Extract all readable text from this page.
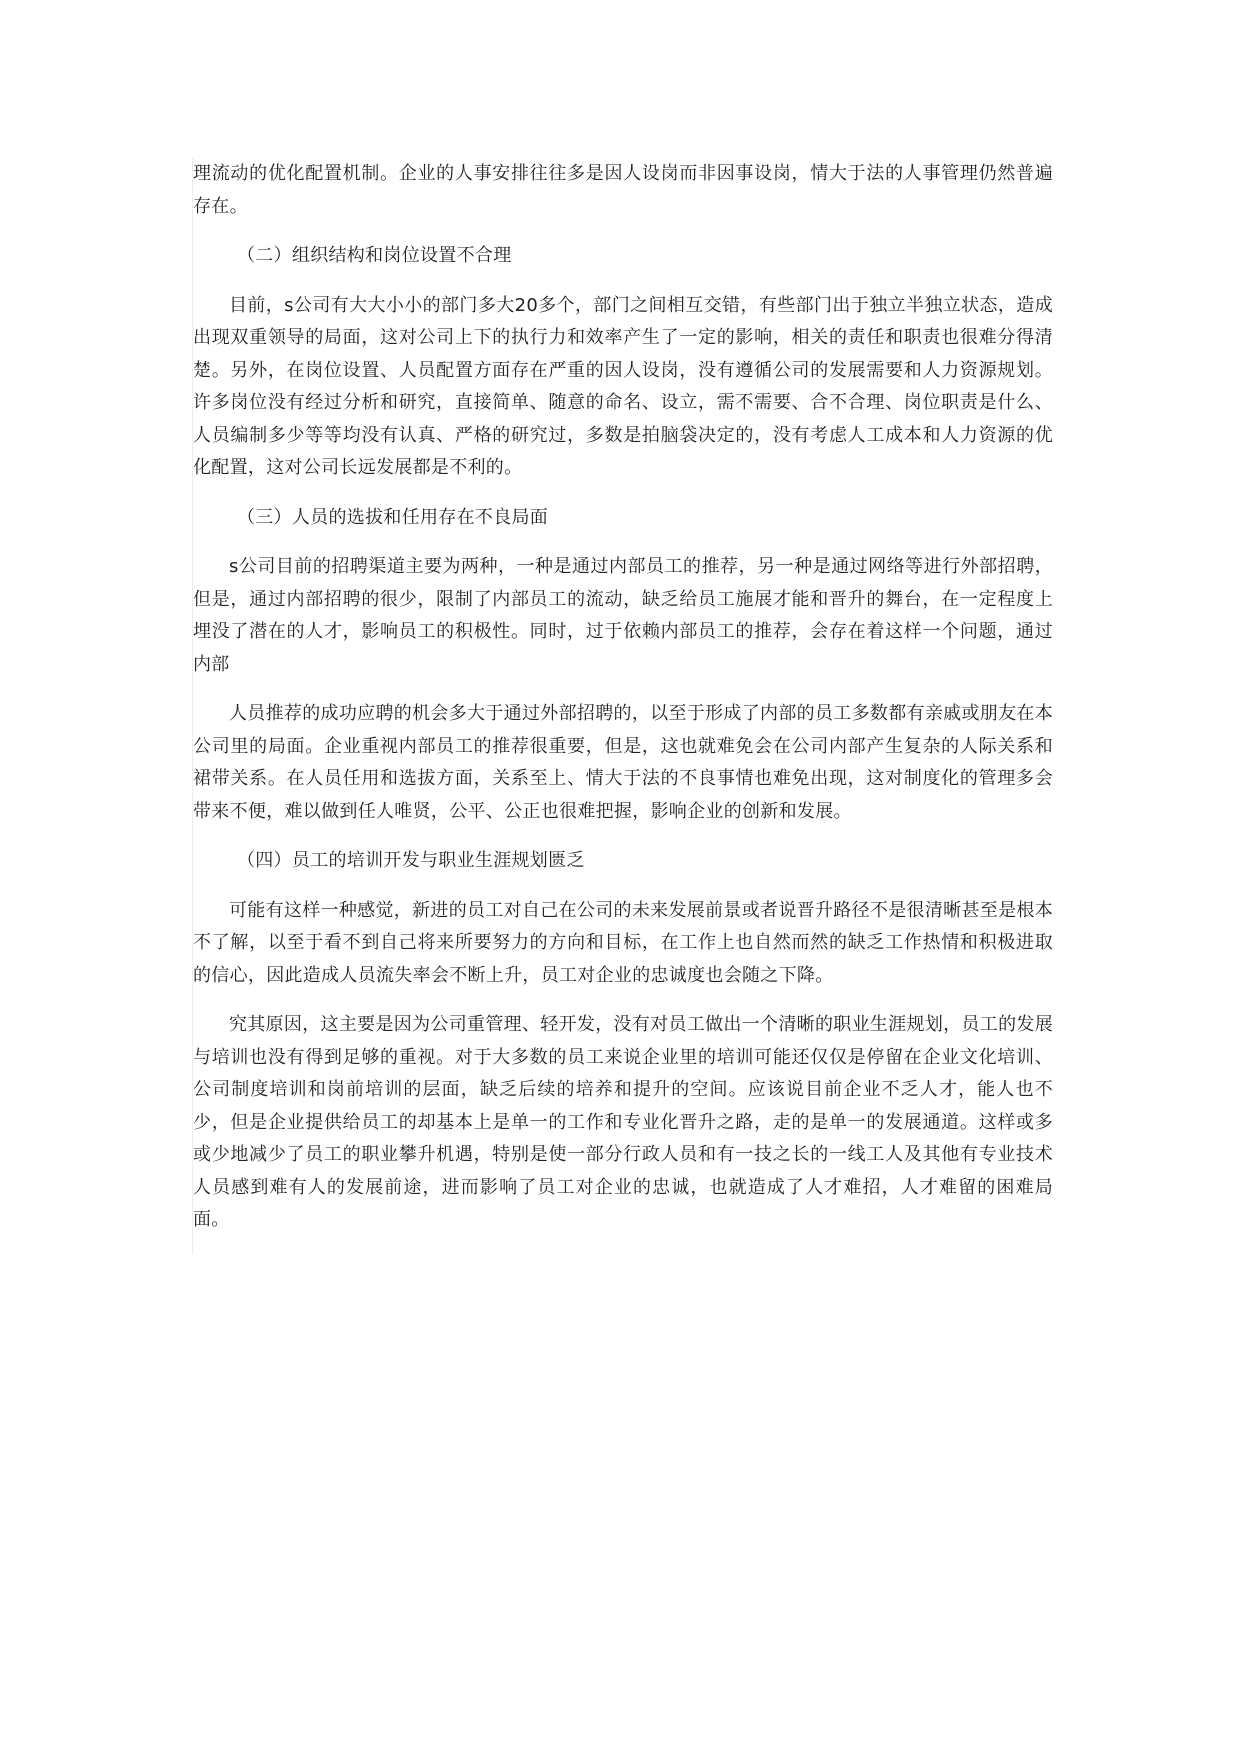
理流动的优化配置机制。企业的人事安排往往多是因人设岗而非因事设岗，情大于法的人事管理仍然普遍存在。

（二）组织结构和岗位设置不合理

目前，s公司有大大小小的部门多大20多个，部门之间相互交错，有些部门出于独立半独立状态，造成出现双重领导的局面，这对公司上下的执行力和效率产生了一定的影响，相关的责任和职责也很难分得清楚。另外，在岗位设置、人员配置方面存在严重的因人设岗，没有遵循公司的发展需要和人力资源规划。许多岗位没有经过分析和研究，直接简单、随意的命名、设立，需不需要、合不合理、岗位职责是什么、人员编制多少等等均没有认真、严格的研究过，多数是拍脑袋决定的，没有考虑人工成本和人力资源的优化配置，这对公司长远发展都是不利的。

（三）人员的选拔和任用存在不良局面

s公司目前的招聘渠道主要为两种，一种是通过内部员工的推荐，另一种是通过网络等进行外部招聘，但是，通过内部招聘的很少，限制了内部员工的流动，缺乏给员工施展才能和晋升的舞台，在一定程度上埋没了潜在的人才，影响员工的积极性。同时，过于依赖内部员工的推荐，会存在着这样一个问题，通过内部

人员推荐的成功应聘的机会多大于通过外部招聘的，以至于形成了内部的员工多数都有亲戚或朋友在本公司里的局面。企业重视内部员工的推荐很重要，但是，这也就难免会在公司内部产生复杂的人际关系和裙带关系。在人员任用和选拔方面，关系至上、情大于法的不良事情也难免出现，这对制度化的管理多会带来不便，难以做到任人唯贤，公平、公正也很难把握，影响企业的创新和发展。

（四）员工的培训开发与职业生涯规划匮乏

可能有这样一种感觉，新进的员工对自己在公司的未来发展前景或者说晋升路径不是很清晰甚至是根本不了解，以至于看不到自己将来所要努力的方向和目标，在工作上也自然而然的缺乏工作热情和积极进取的信心，因此造成人员流失率会不断上升，员工对企业的忠诚度也会随之下降。

究其原因，这主要是因为公司重管理、轻开发，没有对员工做出一个清晰的职业生涯规划，员工的发展与培训也没有得到足够的重视。对于大多数的员工来说企业里的培训可能还仅仅是停留在企业文化培训、公司制度培训和岗前培训的层面，缺乏后续的培养和提升的空间。应该说目前企业不乏人才，能人也不少，但是企业提供给员工的却基本上是单一的工作和专业化晋升之路，走的是单一的发展通道。这样或多或少地减少了员工的职业攀升机遇，特别是使一部分行政人员和有一技之长的一线工人及其他有专业技术人员感到难有人的发展前途，进而影响了员工对企业的忠诚，也就造成了人才难招，人才难留的困难局面。
